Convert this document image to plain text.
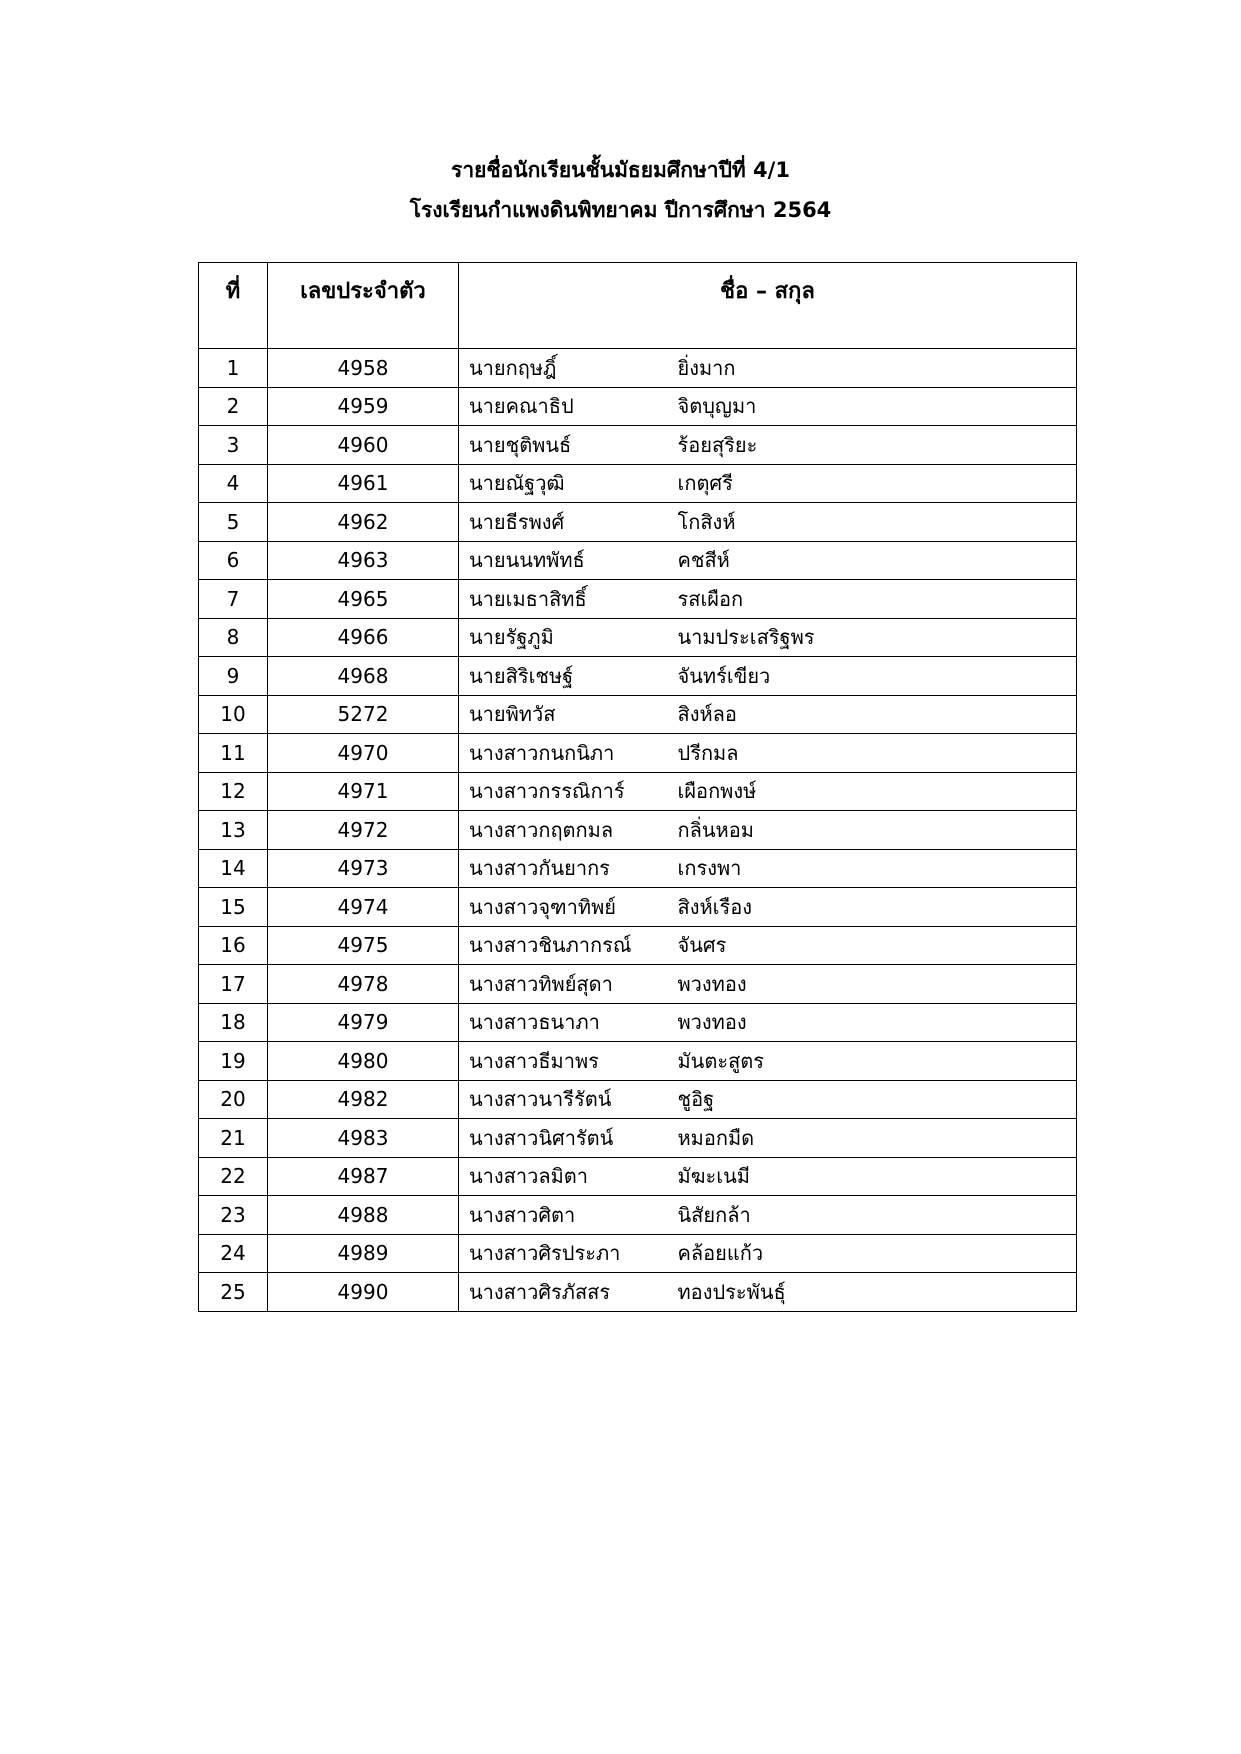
รายชื่อนักเรียนชั้นมัธยมศึกษาปีที่ 4/1
โรงเรียนกำแพงดินพิทยาคม ปีการศึกษา 2564
ที่	เลขประจำตัว	ชื่อ – สกุล	
1	4958	นายกฤษฎิ์	ยิ่งมาก
2	4959	นายคณาธิป	จิตบุญมา
3	4960	นายชุติพนธ์	ร้อยสุริยะ
4	4961	นายณัฐวุฒิ	เกตุศรี
5	4962	นายธีรพงศ์	โกสิงห์
6	4963	นายนนทพัทธ์	คชสีห์
7	4965	นายเมธาสิทธิ์	รสเผือก
8	4966	นายรัฐภูมิ	นามประเสริฐพร
9	4968	นายสิริเชษฐ์	จันทร์เขียว
10	5272	นายพิทวัส	สิงห์ลอ
11	4970	นางสาวกนกนิภา	ปรีกมล
12	4971	นางสาวกรรณิการ์	เผือกพงษ์
13	4972	นางสาวกฤตกมล	กลิ่นหอม
14	4973	นางสาวกันยากร	เกรงพา
15	4974	นางสาวจุฑาทิพย์	สิงห์เรือง
16	4975	นางสาวชินภากรณ์	จันศร
17	4978	นางสาวทิพย์สุดา	พวงทอง
18	4979	นางสาวธนาภา	พวงทอง
19	4980	นางสาวธีมาพร	มันตะสูตร
20	4982	นางสาวนารีรัตน์	ชูอิฐ
21	4983	นางสาวนิศารัตน์	หมอกมืด
22	4987	นางสาวลมิตา	มัฆะเนมี
23	4988	นางสาวศิตา	นิสัยกล้า
24	4989	นางสาวศิรประภา	คล้อยแก้ว
25	4990	นางสาวศิรภัสสร	ทองประพันธุ์
